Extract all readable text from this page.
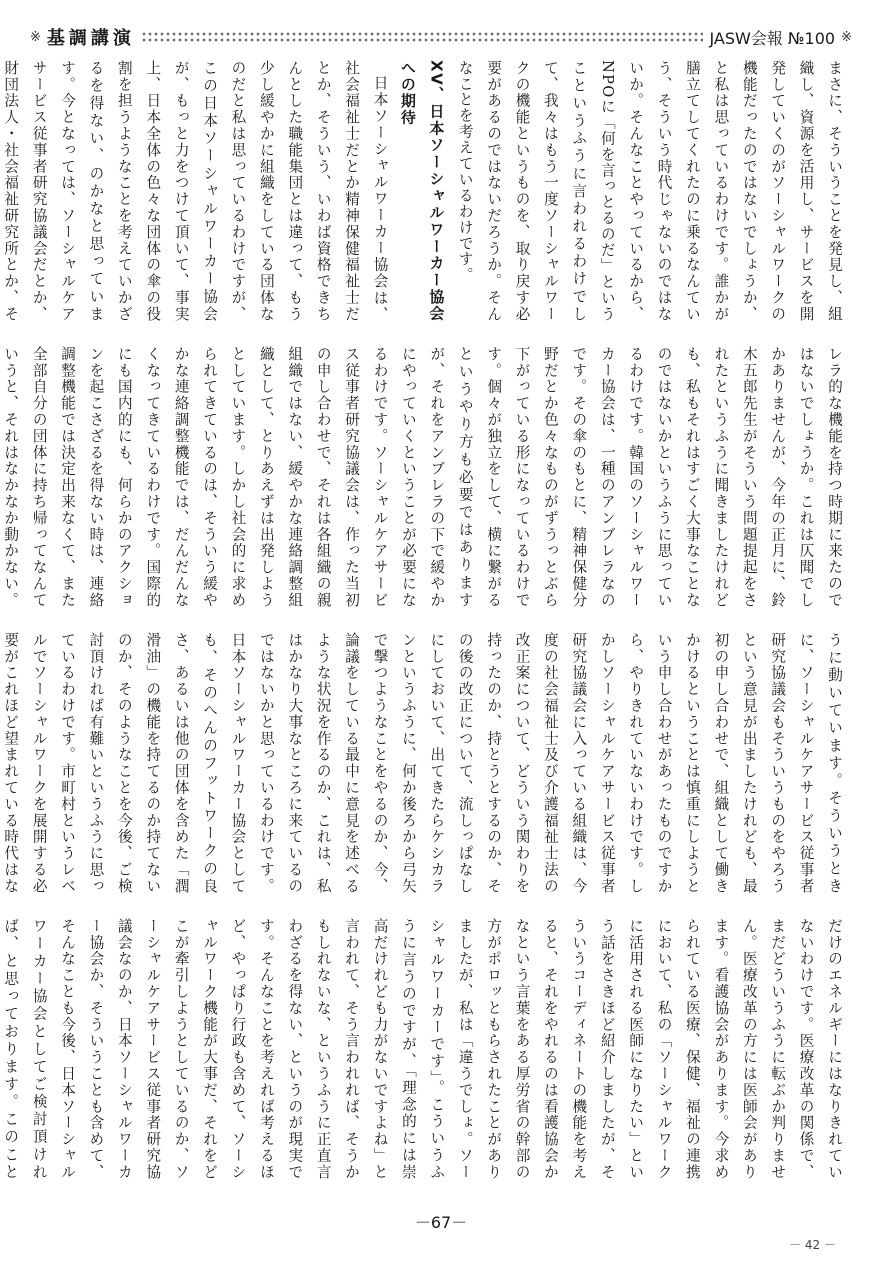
※ 基調講演	JASW会報 №100 ※

まさに、そういうことを発見し、組織し、資源を活用し、サービスを開発していくのがソーシャルワークの機能だったのではないでしょうか、と私は思っているわけです。誰かが膳立てしてくれたのに乗るなんていう、そういう時代じゃないのではないか。そんなことやっているから、NPOに「何を言っとるのだ」というこというふうに言われるわけでして、我々はもう一度ソーシャルワークの機能というものを、取り戻す必要があるのではないだろうか。そんなことを考えているわけです。

XV、日本ソーシャルワーカー協会への期待

日本ソーシャルワーカー協会は、社会福祉士だとか精神保健福祉士だとか、そういう、いわば資格できちんとした職能集団とは違って、もう少し緩やかに組織をしている団体なのだと私は思っているわけですが、この日本ソーシャルワーカー協会が、もっと力をつけて頂いて、事実上、日本全体の色々な団体の傘の役割を担うようなことを考えていかざるを得ない、のかなと思っています。今となっては、ソーシャルケアサービス従事者研究協議会だとか、財団法人・社会福祉研究所とか、そ

レラ的な機能を持つ時期に来たのではないでしょうか。これは仄聞でしかありませんが、今年の正月に、鈴木五郎先生がそういう問題提起をされたというふうに聞きましたけれども、私もそれはすごく大事なことなのではないかというふうに思っているわけです。韓国のソーシャルワーカー協会は、一種のアンブレラなのです。その傘のもとに、精神保健分野だとか色々なものがずうっとぶら下がっている形になっているわけです。個々が独立をして、横に繋がるというやり方も必要ではありますが、それをアンブレラの下で緩やかにやっていくということが必要になるわけです。ソーシャルケアサービス従事者研究協議会は、作った当初の申し合わせで、それは各組織の親組織ではない、緩やかな連絡調整組織として、とりあえずは出発しようとしています。しかし社会的に求められてきているのは、そういう緩やかな連絡調整機能では、だんだんなくなってきているわけです。国際的にも国内的にも、何らかのアクションを起こさざるを得ない時は、連絡調整機能では決定出来なくて、また全部自分の団体に持ち帰ってなんていうと、それはなかなか動かない。

うに動いています。そういうときに、ソーシャルケアサービス従事者研究協議会もそういうものをやろうという意見が出ましたけれども、最初の申し合わせで、組織として働きかけるということは慎重にしようという申し合わせがあったものですから、やりきれていないわけです。しかしソーシャルケアサービス従事者研究協議会に入っている組織は、今度の社会福祉士及び介護福祉士法の改正案について、どういう関わりを持ったのか、持とうとするのか、その後の改正について、流しっぱなしにしておいて、出てきたらケシカランというふうに、何か後ろから弓矢で撃つようなことをやるのか、今、論議をしている最中に意見を述べるような状況を作るのか、これは、私はかなり大事なところに来ているのではないかと思っているわけです。日本ソーシャルワーカー協会としても、そのへんのフットワークの良さ、あるいは他の団体を含めた「潤滑油」の機能を持てるのか持てないのか、そのようなことを今後、ご検討頂ければ有難いというふうに思っているわけです。市町村というレベルでソーシャルワークを展開する必要がこれほど望まれている時代はな

だけのエネルギーにはなりきれていないわけです。医療改革の関係で、まだどういうふうに転ぶか判りません。医療改革の方には医師会があります。看護協会があります。今求められている医療、保健、福祉の連携において、私の「ソーシャルワークに活用される医師になりたい」という話をさきほど紹介しましたが、そういうコーディネートの機能を考えると、それをやれるのは看護協会かなという言葉をある厚労省の幹部の方がポロッともらされたことがありましたが、私は「違うでしょ。ソーシャルワーカーです」。こういうふうに言うのですが、「理念的には崇高だけれども力がないですよね」と言われて、そう言われれば、そうかもしれないな、というふうに正直言わざるを得ない、というのが現実です。そんなことを考えれば考えるほど、やっぱり行政も含めて、ソーシャルワーク機能が大事だ、それをどこが牽引しようとしているのか、ソーシャルケアサービス従事者研究協議会なのか、日本ソーシャルワーカー協会か、そういうことも含めて、そんなことも今後、日本ソーシャルワーカー協会としてご検討頂ければ、と思っております。このこと

－67－
－ 42 －
